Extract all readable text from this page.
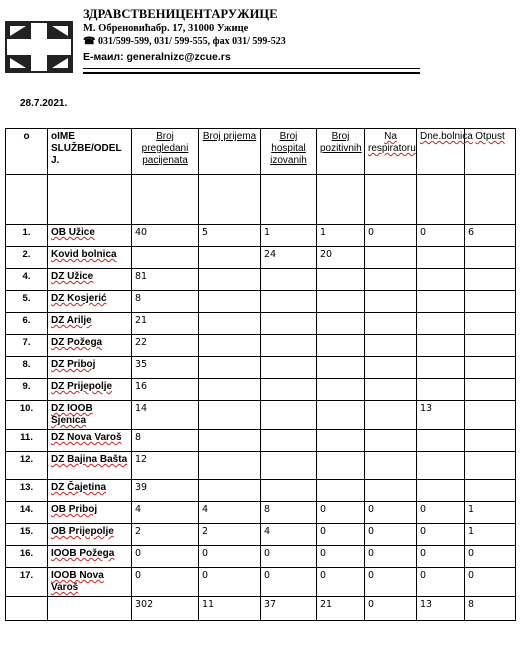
ЗДРАВСТВЕНИЦЕНТАРУЖИЦЕ
М. Обреновићабр. 17, 31000 Ужице
☎ 031/599-599, 031/ 599-555, фах 031/ 599-523
Е-маил: generalnizc@zcue.rs
28.7.2021.
o	oIME SLUŽBE/ODEL J.	Broj pregledani pacijenata	Broj prijema	Broj hospital izovanih	Broj pozitivnih	Na respiratoru	Dne.bolnica	Otpust

1.	OB Užice	40	5	1	1	0	0	6
2.	Kovid bolnica			24	20			
4.	DZ Užice	81						
5.	DZ Kosjerić	8						
6.	DZ Arilje	21						
7.	DZ Požega	22						
8.	DZ Priboj	35						
9.	DZ Prijepolje	16						
10.	DZ IOOB Sjenica	14					13	
11.	DZ Nova Varoš	8						
12.	DZ Bajina Bašta	12						
13.	DZ Čajetina	39						
14.	OB Priboj	4	4	8	0	0	0	1
15.	OB Prijepolje	2	2	4	0	0	0	1
16.	IOOB Požega	0	0	0	0	0	0	0
17.	IOOB Nova Varoš	0	0	0	0	0	0	0
		302	11	37	21	0	13	8
